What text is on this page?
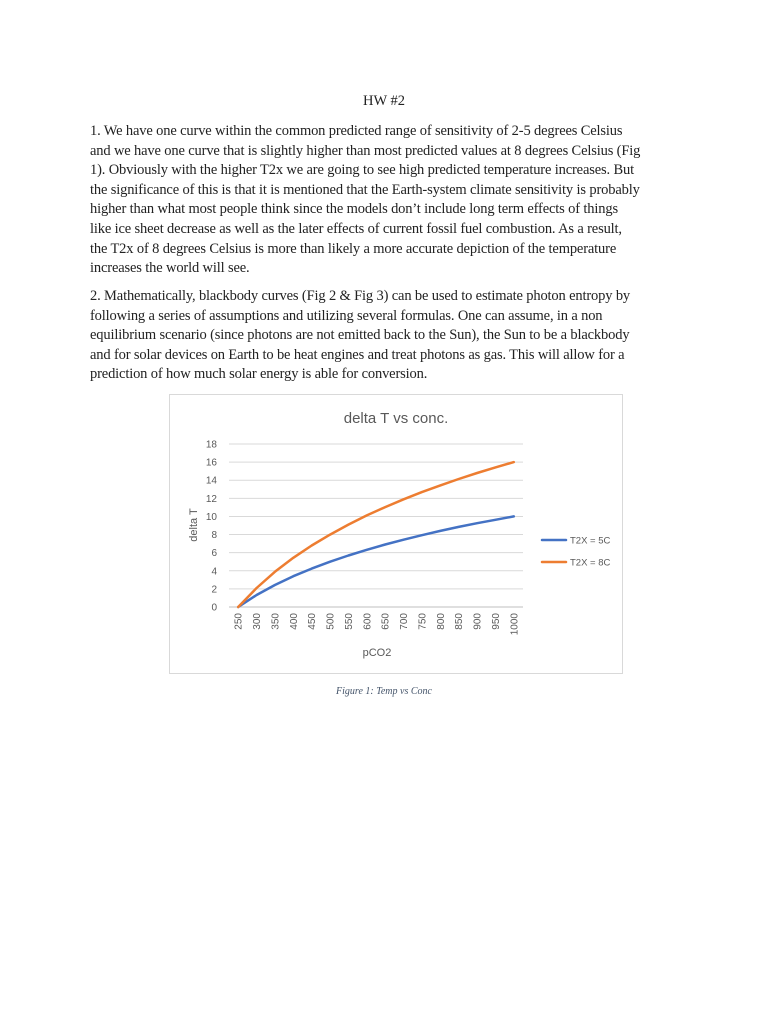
HW #2
1. We have one curve within the common predicted range of sensitivity of 2-5 degrees Celsius
and we have one curve that is slightly higher than most predicted values at 8 degrees Celsius (Fig
1). Obviously with the higher T2x we are going to see high predicted temperature increases. But
the significance of this is that it is mentioned that the Earth-system climate sensitivity is probably
higher than what most people think since the models don’t include long term effects of things
like ice sheet decrease as well as the later effects of current fossil fuel combustion. As a result,
the T2x of 8 degrees Celsius is more than likely a more accurate depiction of the temperature
increases the world will see.
2. Mathematically, blackbody curves (Fig 2 & Fig 3) can be used to estimate photon entropy by
following a series of assumptions and utilizing several formulas. One can assume, in a non
equilibrium scenario (since photons are not emitted back to the Sun), the Sun to be a blackbody
and for solar devices on Earth to be heat engines and treat photons as gas. This will allow for a
prediction of how much solar energy is able for conversion.
delta T vs conc.
0
2
4
6
8
10
12
14
16
18
250 300 350 400 450 500 550 600 650 700 750 800 850 900 950 1000
delta T
pCO2
T2X = 5C
T2X = 8C
Figure 1: Temp vs Conc
